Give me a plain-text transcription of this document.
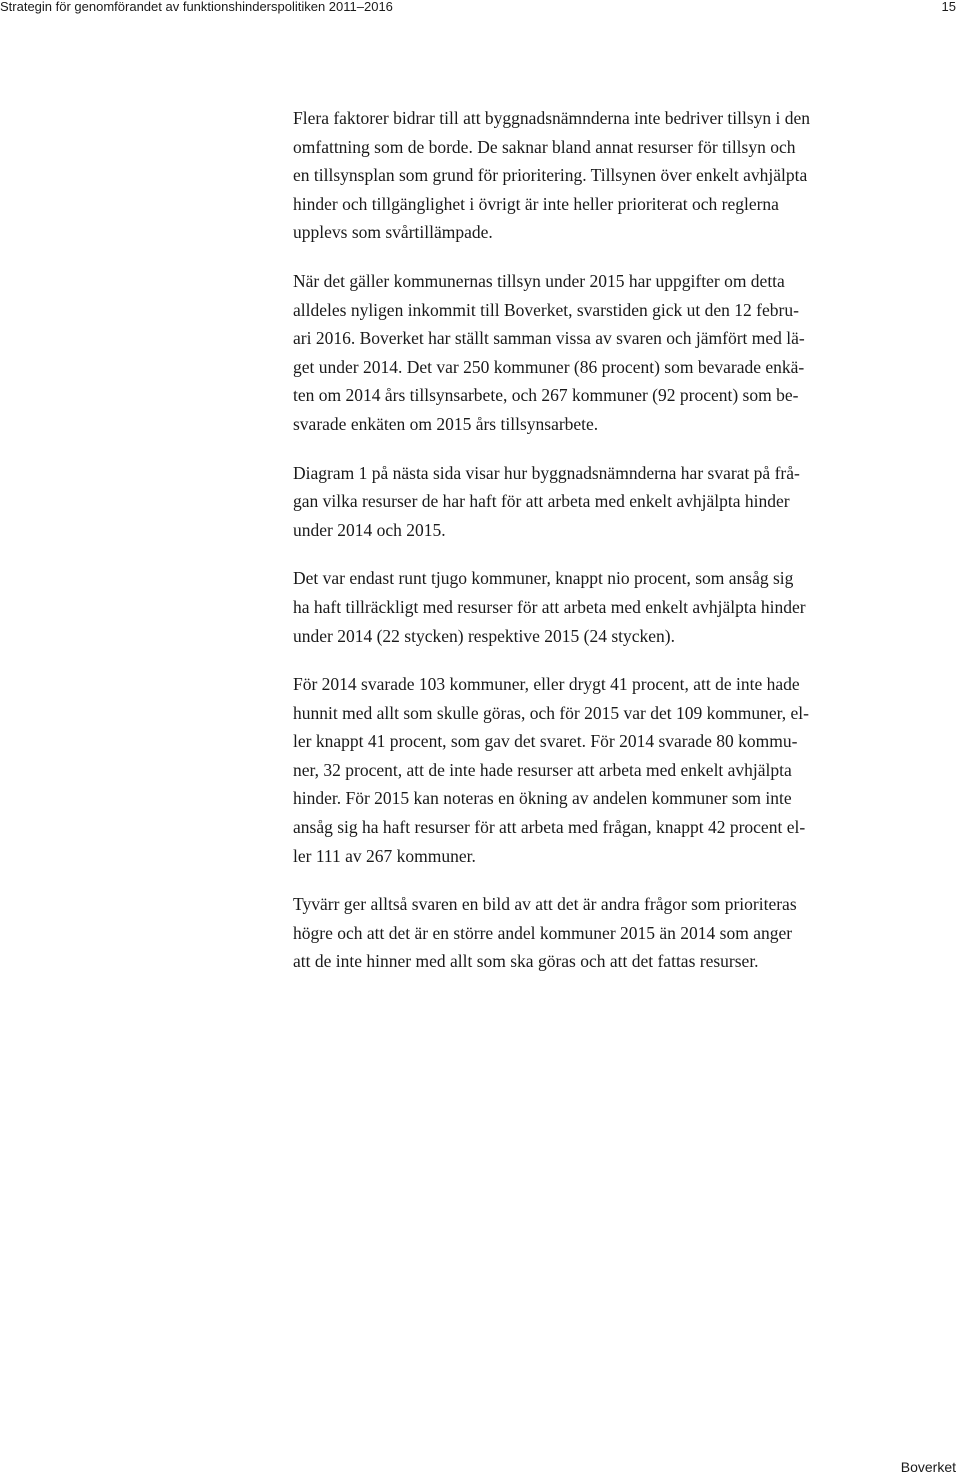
Strategin för genomförandet av funktionshinderspolitiken 2011–2016	15
Flera faktorer bidrar till att byggnadsnämnderna inte bedriver tillsyn i den
omfattning som de borde. De saknar bland annat resurser för tillsyn och
en tillsynsplan som grund för prioritering. Tillsynen över enkelt avhjälpta
hinder och tillgänglighet i övrigt är inte heller prioriterat och reglerna
upplevs som svårtillämpade.
När det gäller kommunernas tillsyn under 2015 har uppgifter om detta
alldeles nyligen inkommit till Boverket, svarstiden gick ut den 12 febru-
ari 2016. Boverket har ställt samman vissa av svaren och jämfört med lä-
get under 2014. Det var 250 kommuner (86 procent) som bevarade enkä-
ten om 2014 års tillsynsarbete, och 267 kommuner (92 procent) som be-
svarade enkäten om 2015 års tillsynsarbete.
Diagram 1 på nästa sida visar hur byggnadsnämnderna har svarat på frå-
gan vilka resurser de har haft för att arbeta med enkelt avhjälpta hinder
under 2014 och 2015.
Det var endast runt tjugo kommuner, knappt nio procent, som ansåg sig
ha haft tillräckligt med resurser för att arbeta med enkelt avhjälpta hinder
under 2014 (22 stycken) respektive 2015 (24 stycken).
För 2014 svarade 103 kommuner, eller drygt 41 procent, att de inte hade
hunnit med allt som skulle göras, och för 2015 var det 109 kommuner, el-
ler knappt 41 procent, som gav det svaret. För 2014 svarade 80 kommu-
ner, 32 procent, att de inte hade resurser att arbeta med enkelt avhjälpta
hinder. För 2015 kan noteras en ökning av andelen kommuner som inte
ansåg sig ha haft resurser för att arbeta med frågan, knappt 42 procent el-
ler 111 av 267 kommuner.
Tyvärr ger alltså svaren en bild av att det är andra frågor som prioriteras
högre och att det är en större andel kommuner 2015 än 2014 som anger
att de inte hinner med allt som ska göras och att det fattas resurser.
Boverket
